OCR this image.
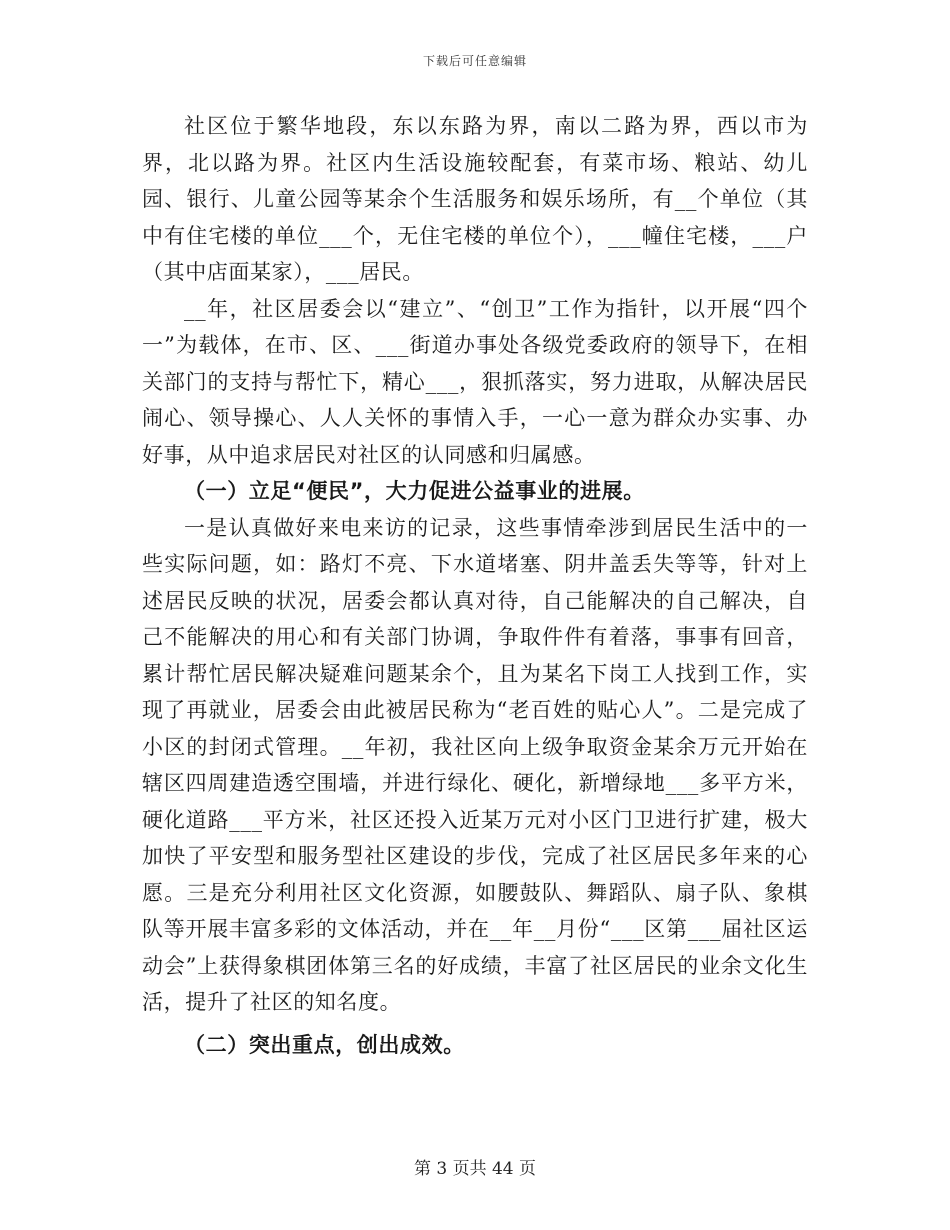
下载后可任意编辑

社区位于繁华地段，东以东路为界，南以二路为界，西以市为界，北以路为界。社区内生活设施较配套，有菜市场、粮站、幼儿园、银行、儿童公园等某余个生活服务和娱乐场所，有__个单位（其中有住宅楼的单位___个，无住宅楼的单位个），___幢住宅楼，___户（其中店面某家），___居民。

__年，社区居委会以“建立”、“创卫”工作为指针，以开展“四个一”为载体，在市、区、___街道办事处各级党委政府的领导下，在相关部门的支持与帮忙下，精心___，狠抓落实，努力进取，从解决居民闹心、领导操心、人人关怀的事情入手，一心一意为群众办实事、办好事，从中追求居民对社区的认同感和归属感。

（一）立足“便民”，大力促进公益事业的进展。

一是认真做好来电来访的记录，这些事情牵涉到居民生活中的一些实际问题，如：路灯不亮、下水道堵塞、阴井盖丢失等等，针对上述居民反映的状况，居委会都认真对待，自己能解决的自己解决，自己不能解决的用心和有关部门协调，争取件件有着落，事事有回音，累计帮忙居民解决疑难问题某余个，且为某名下岗工人找到工作，实现了再就业，居委会由此被居民称为“老百姓的贴心人”。二是完成了小区的封闭式管理。__年初，我社区向上级争取资金某余万元开始在辖区四周建造透空围墙，并进行绿化、硬化，新增绿地___多平方米，硬化道路___平方米，社区还投入近某万元对小区门卫进行扩建，极大加快了平安型和服务型社区建设的步伐，完成了社区居民多年来的心愿。三是充分利用社区文化资源，如腰鼓队、舞蹈队、扇子队、象棋队等开展丰富多彩的文体活动，并在__年__月份“___区第___届社区运动会”上获得象棋团体第三名的好成绩，丰富了社区居民的业余文化生活，提升了社区的知名度。

（二）突出重点，创出成效。

第 3 页共 44 页
